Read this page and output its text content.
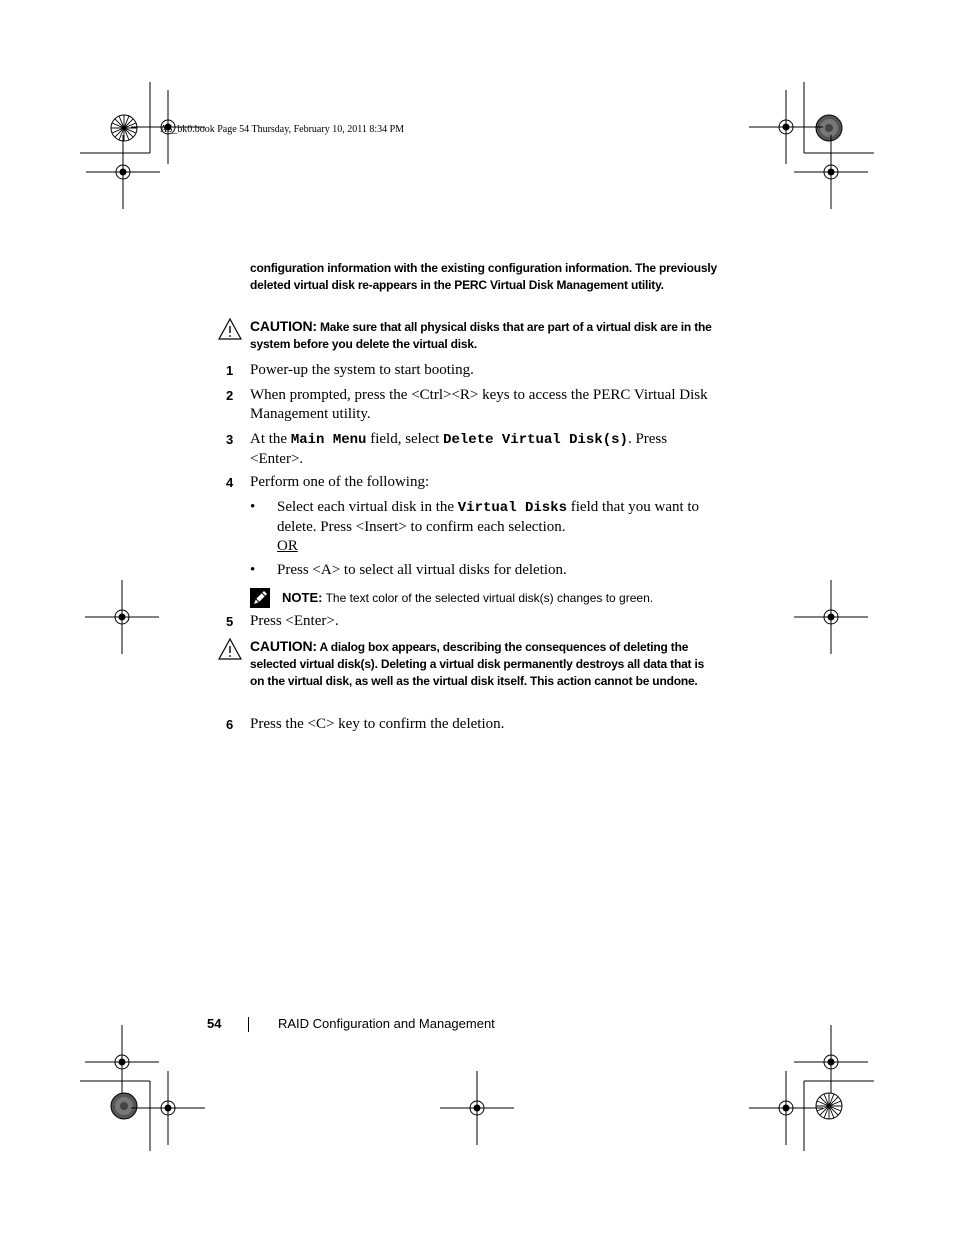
A5_bk0.book Page 54 Thursday, February 10, 2011 8:34 PM
configuration information with the existing configuration information. The previously deleted virtual disk re-appears in the PERC Virtual Disk Management utility.
CAUTION: Make sure that all physical disks that are part of a virtual disk are in the system before you delete the virtual disk.
1 Power-up the system to start booting.
2 When prompted, press the <Ctrl><R> keys to access the PERC Virtual Disk Management utility.
3 At the Main Menu field, select Delete Virtual Disk(s). Press <Enter>.
4 Perform one of the following:
• Select each virtual disk in the Virtual Disks field that you want to delete. Press <Insert> to confirm each selection.
OR
• Press <A> to select all virtual disks for deletion.
NOTE: The text color of the selected virtual disk(s) changes to green.
5 Press <Enter>.
CAUTION: A dialog box appears, describing the consequences of deleting the selected virtual disk(s). Deleting a virtual disk permanently destroys all data that is on the virtual disk, as well as the virtual disk itself. This action cannot be undone.
6 Press the <C> key to confirm the deletion.
54	RAID Configuration and Management
